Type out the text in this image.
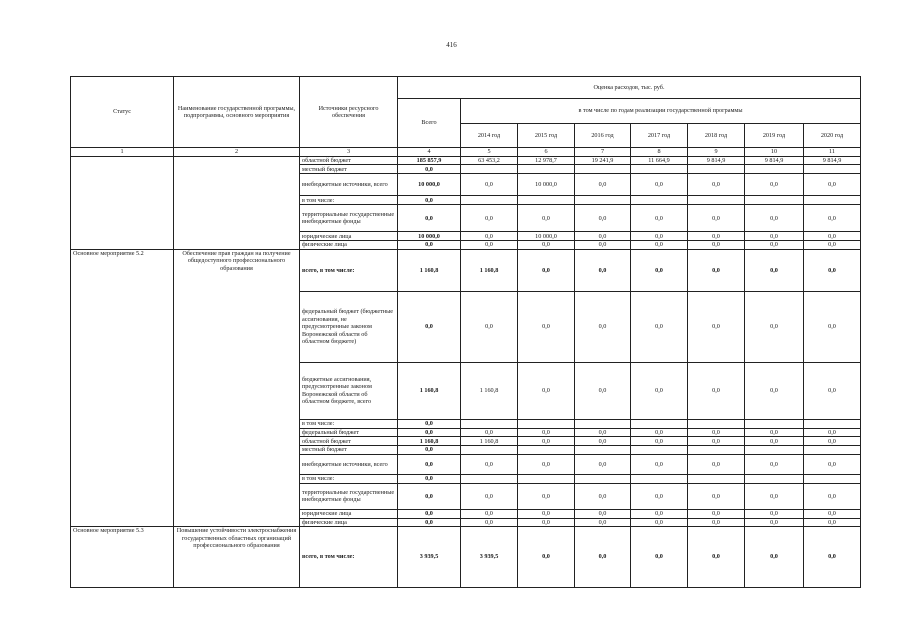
416
Статус	Наименование государственной программы, подпрограммы, основного мероприятия	Источники ресурсного обеспечения	Оценка расходов, тыс. руб.							
			Всего	в том числе по годам реализации государственной программы						
				2014 год	2015 год	2016 год	2017 год	2018 год	2019 год	2020 год
1	2	3	4	5	6	7	8	9	10	11
		областной бюджет	185 857,9	63 453,2	12 978,7	19 241,9	11 664,9	9 814,9	9 814,9	9 814,9
		местный бюджет	0,0							
		внебюджетные источники, всего	10 000,0	0,0	10 000,0	0,0	0,0	0,0	0,0	0,0
		в том числе:	0,0							
		территориальные государственные внебюджетные фонды	0,0	0,0	0,0	0,0	0,0	0,0	0,0	0,0
		юридические лица	10 000,0	0,0	10 000,0	0,0	0,0	0,0	0,0	0,0
		физические лица	0,0	0,0	0,0	0,0	0,0	0,0	0,0	0,0
Основное мероприятие 5.2	Обеспечение прав граждан на получение общедоступного профессионального образования	всего, в том числе:	1 160,8	1 160,8	0,0	0,0	0,0	0,0	0,0	0,0
		федеральный бюджет (бюджетные ассигнования, не предусмотренные законом Воронежской области об областном бюджете)	0,0	0,0	0,0	0,0	0,0	0,0	0,0	0,0
		бюджетные ассигнования, предусмотренные законом Воронежской области об областном бюджете, всего	1 160,8	1 160,8	0,0	0,0	0,0	0,0	0,0	0,0
		в том числе:	0,0							
		федеральный бюджет	0,0	0,0	0,0	0,0	0,0	0,0	0,0	0,0
		областной бюджет	1 160,8	1 160,8	0,0	0,0	0,0	0,0	0,0	0,0
		местный бюджет	0,0							
		внебюджетные источники, всего	0,0	0,0	0,0	0,0	0,0	0,0	0,0	0,0
		в том числе:	0,0							
		территориальные государственные внебюджетные фонды	0,0	0,0	0,0	0,0	0,0	0,0	0,0	0,0
		юридические лица	0,0	0,0	0,0	0,0	0,0	0,0	0,0	0,0
		физические лица	0,0	0,0	0,0	0,0	0,0	0,0	0,0	0,0
Основное мероприятие 5.3	Повышение устойчивости электроснабжения государственных областных организаций профессионального образования	всего, в том числе:	3 939,5	3 939,5	0,0	0,0	0,0	0,0	0,0	0,0
